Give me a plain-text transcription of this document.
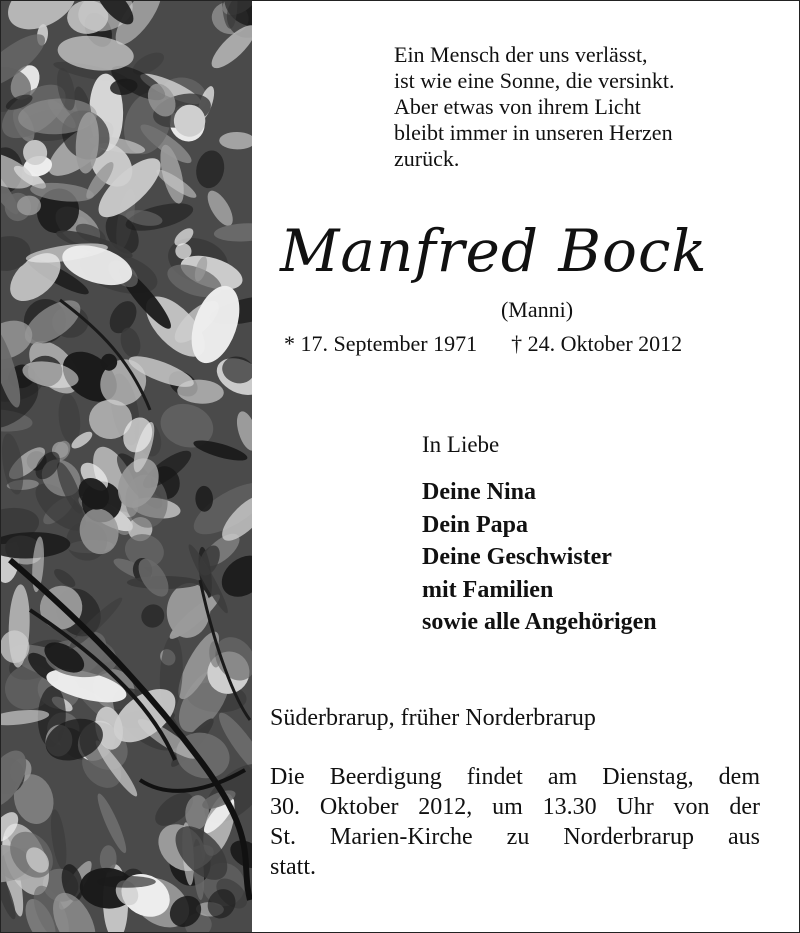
Ein Mensch der uns verlässt,
ist wie eine Sonne, die versinkt.
Aber etwas von ihrem Licht
bleibt immer in unseren Herzen
zurück.
Manfred Bock
(Manni)
* 17. September 1971 † 24. Oktober 2012
In Liebe
Deine Nina
Dein Papa
Deine Geschwister
mit Familien
sowie alle Angehörigen
Süderbrarup, früher Norderbrarup
Die Beerdigung findet am Dienstag, dem
30. Oktober 2012, um 13.30 Uhr von der
St. Marien-Kirche zu Norderbrarup aus
statt.
